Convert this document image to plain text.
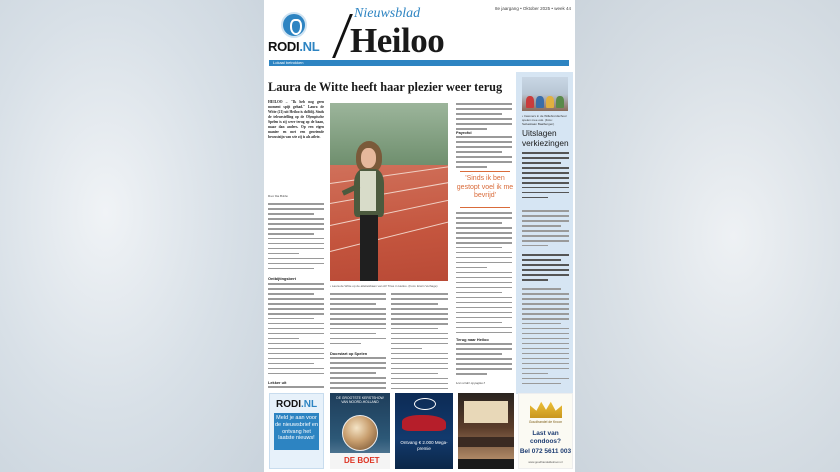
8e jaargang • Oktober 2025 • week 44
RODI.NL
Nieuwsblad
Heiloo
Lokaal betrokken
Laura de Witte heeft haar plezier weer terug
HEILOO – "Ik heb nog geen moment spijt gehad." Laura de Witte (21) uit Heiloo is dolblij. Sinds de teleurstelling op de Olympische Spelen is zij weer terug op de baan, maar dan anders. Op een eigen manier en met een groeiende bewustzijn van wie zij is als atlete.
Door Ilse Bobbe
Ontbijtingsbert
Lekker uit
• Laura de Witte op de atletiekbaan van AV Trias in Heiloo. (Foto: Erwin Verhage)
Doorstart op Spelen
Payrofol
'Sinds ik ben gestopt voel ik me bevrijd'
Terug naar Heiloo
Lees verder op pagina 3
• Inwoners in de Willebrordschool spelen mee ook. (Foto: Sebastiaan Baalbergen)
Uitslagen verkiezingen
RODI.NL
Meld je aan voor de nieuwsbrief en ontvang het laatste nieuws!
DE GROOTSTE KERSTSHOW VAN NOORD-HOLLAND
DE BOET
Ontvang € 2.000 Mega-premie
Goudhandel de Kroon
Last van condoos?
Bel 072 5611 003
www.goudhandeldekroon.nl
